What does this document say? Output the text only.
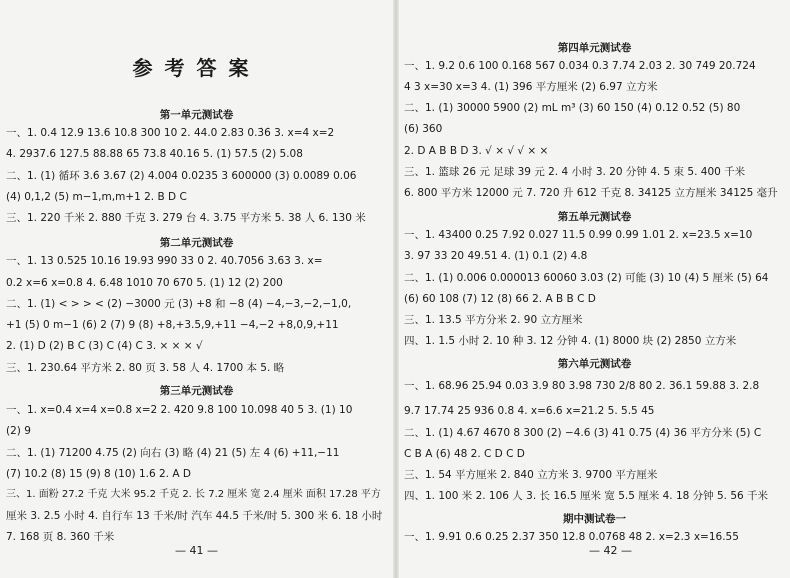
参考答案
第一单元测试卷
一、1. 0.4 12.9 13.6 10.8 300 10 2. 44.0 2.83 0.3̇6̇ 3. x=4 x=2
4. 2937.6 127.5 88.88 65 73.8 40.16 5. (1) 57.5 (2) 5.08
二、1. (1) 循环 3.6̇ 3.67 (2) 4.004 0.0235 3 600000 (3) 0.0089 0.06
(4) 0,1,2 (5) m−1,m,m+1 2. B D C
三、1. 220 千米 2. 880 千克 3. 279 台 4. 3.75 平方米 5. 38 人 6. 130 米
第二单元测试卷
一、1. 13 0.525 10.16 19.93 990 33 0 2. 40.7056 3.63 3. x=
0.2 x=6 x=0.8 4. 6.48 1010 70 670 5. (1) 12 (2) 200
二、1. (1) < > > < (2) −3000 元 (3) +8 和 −8 (4) −4,−3,−2,−1,0,
+1 (5) 0 m−1 (6) 2 (7) 9 (8) +8,+3.5,9,+11 −4,−2 +8,0,9,+11
2. (1) D (2) B C (3) C (4) C 3. × × × √
三、1. 230.64 平方米 2. 80 页 3. 58 人 4. 1700 本 5. 略
第三单元测试卷
一、1. x=0.4 x=4 x=0.8 x=2 2. 420 9.8 100 10.098 40 5 3. (1) 10
(2) 9
二、1. (1) 71200 4.75 (2) 向右 (3) 略 (4) 21 (5) 左 4 (6) +11,−11
(7) 10.2 (8) 15 (9) 8 (10) 1.6 2. A D
三、1. 面粉 27.2 千克 大米 95.2 千克 2. 长 7.2 厘米 宽 2.4 厘米 面积 17.28 平方
厘米 3. 2.5 小时 4. 自行车 13 千米/时 汽车 44.5 千米/时 5. 300 米 6. 18 小时
7. 168 页 8. 360 千米
— 41 —
第四单元测试卷
一、1. 9.2 0.6 100 0.168 567 0.034 0.3 7.74 2.03 2. 30 749 20.724
4 3 x=30 x=3 4. (1) 396 平方厘米 (2) 6.97 立方米
二、1. (1) 30000 5900 (2) mL m³ (3) 60 150 (4) 0.12 0.52 (5) 80
(6) 360
2. D A B B D 3. √ × √ √ × ×
三、1. 篮球 26 元 足球 39 元 2. 4 小时 3. 20 分钟 4. 5 束 5. 400 千米
6. 800 平方米 12000 元 7. 720 升 612 千克 8. 34125 立方厘米 34125 毫升
第五单元测试卷
一、1. 43400 0.25 7.92 0.027 11.5 0.99 0.99 1.01 2. x=23.5 x=10
3. 97 33 20 49.51 4. (1) 0.1 (2) 4.8
二、1. (1) 0.006 0.000013 60060 3.03 (2) 可能 (3) 10 (4) 5 厘米 (5) 64
(6) 60 108 (7) 12 (8) 66 2. A B B C D
三、1. 13.5 平方分米 2. 90 立方厘米
四、1. 1.5 小时 2. 10 种 3. 12 分钟 4. (1) 8000 块 (2) 2850 立方米
第六单元测试卷
一、1. 68.96 25.94 0.03 3.9 80 3.98 730 2/8 80 2. 36.1 59.88 3. 2.8
9.7 17.74 25 936 0.8 4. x=6.6 x=21.2 5. 5.5 45
二、1. (1) 4.67 4670 8 300 (2) −4.6 (3) 41 0.75 (4) 36 平方分米 (5) C
C B A (6) 48 2. C D C D
三、1. 54 平方厘米 2. 840 立方米 3. 9700 平方厘米
四、1. 100 米 2. 106 人 3. 长 16.5 厘米 宽 5.5 厘米 4. 18 分钟 5. 56 千米
期中测试卷一
一、1. 9.91 0.6 0.25 2.37 350 12.8 0.0768 48 2. x=2.3 x=16.55
— 42 —
